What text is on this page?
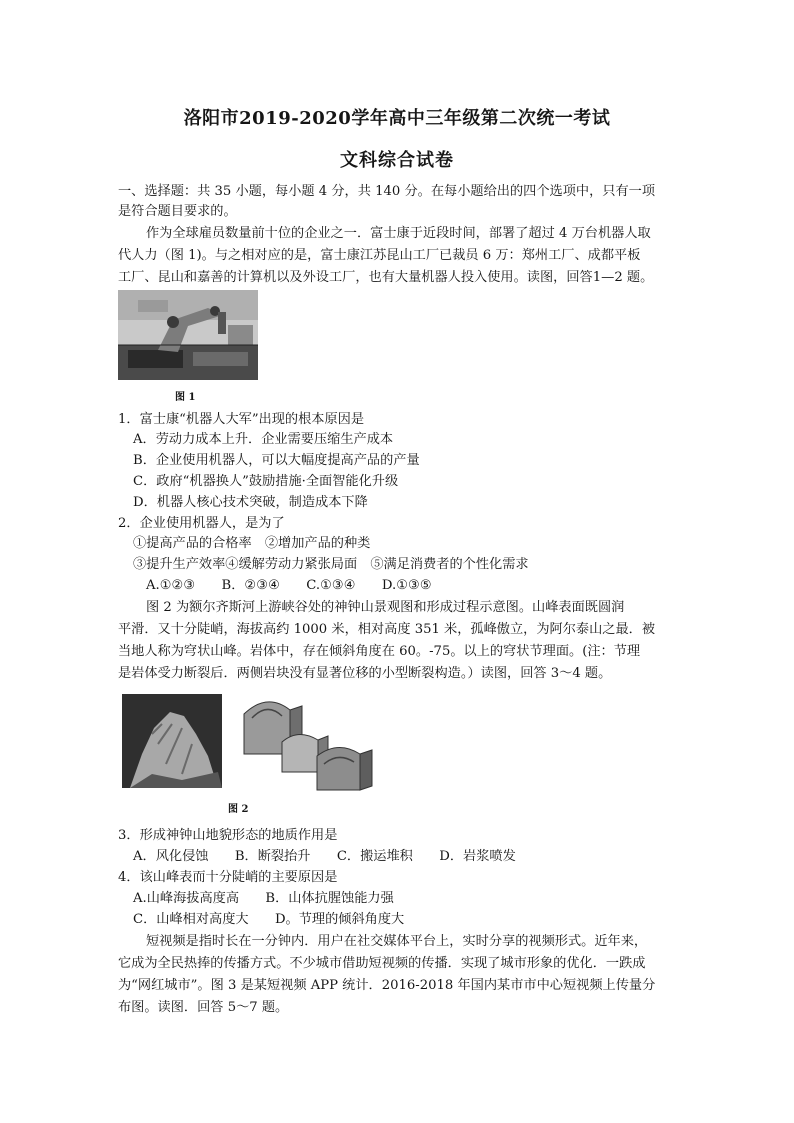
洛阳市2019-2020学年高中三年级第二次统一考试
文科综合试卷
一、选择题：共 35 小题，每小题 4 分，共 140 分。在每小题给出的四个选项中，只有一项
是符合题目要求的。
作为全球雇员数量前十位的企业之一．富士康于近段时间，部署了超过 4 万台机器人取
代人力（图 1)。与之相对应的是，富士康江苏昆山工厂已裁员 6 万：郑州工厂、成都平板
工厂、昆山和嘉善的计算机以及外设工厂，也有大量机器人投入使用。读图，回答1—2 题。
图 1
1．富士康“机器人大军”出现的根本原因是
A．劳动力成本上升．企业需要压缩生产成本
B．企业使用机器人，可以大幅度提高产品的产量
C．政府“机器换人”鼓励措施·全面智能化升级
D．机器人核心技术突破，制造成本下降
2．企业使用机器人，是为了
①提高产品的合格率　②增加产品的种类
③提升生产效率④缓解劳动力紧张局面　⑤满足消费者的个性化需求
A.①②③　　B．②③④　　C.①③④　　D.①③⑤
图 2 为额尔齐斯河上游峡谷处的神钟山景观图和形成过程示意图。山峰表面既圆润
平滑．又十分陡峭，海拔高约 1000 米，相对高度 351 米，孤峰傲立，为阿尔泰山之最．被
当地人称为穹状山峰。岩体中，存在倾斜角度在 60。-75。以上的穹状节理面。(注：节理
是岩体受力断裂后．两侧岩块没有显著位移的小型断裂构造。）读图，回答 3～4 题。
图 2
3．形成神钟山地貌形态的地质作用是
A．风化侵蚀　　B．断裂抬升　　C．搬运堆积　　D．岩浆喷发
4．该山峰表而十分陡峭的主要原因是
A.山峰海拔高度高　　B．山体抗腥蚀能力强
C．山峰相对高度大　　D。节理的倾斜角度大
短视频是指时长在一分钟内．用户在社交媒体平台上，实时分享的视频形式。近年来，
它成为全民热捧的传播方式。不少城市借助短视频的传播．实现了城市形象的优化．一跌成
为“网红城市”。图 3 是某短视频 APP 统计．2016-2018 年国内某市市中心短视频上传量分
布图。读图．回答 5～7 题。
